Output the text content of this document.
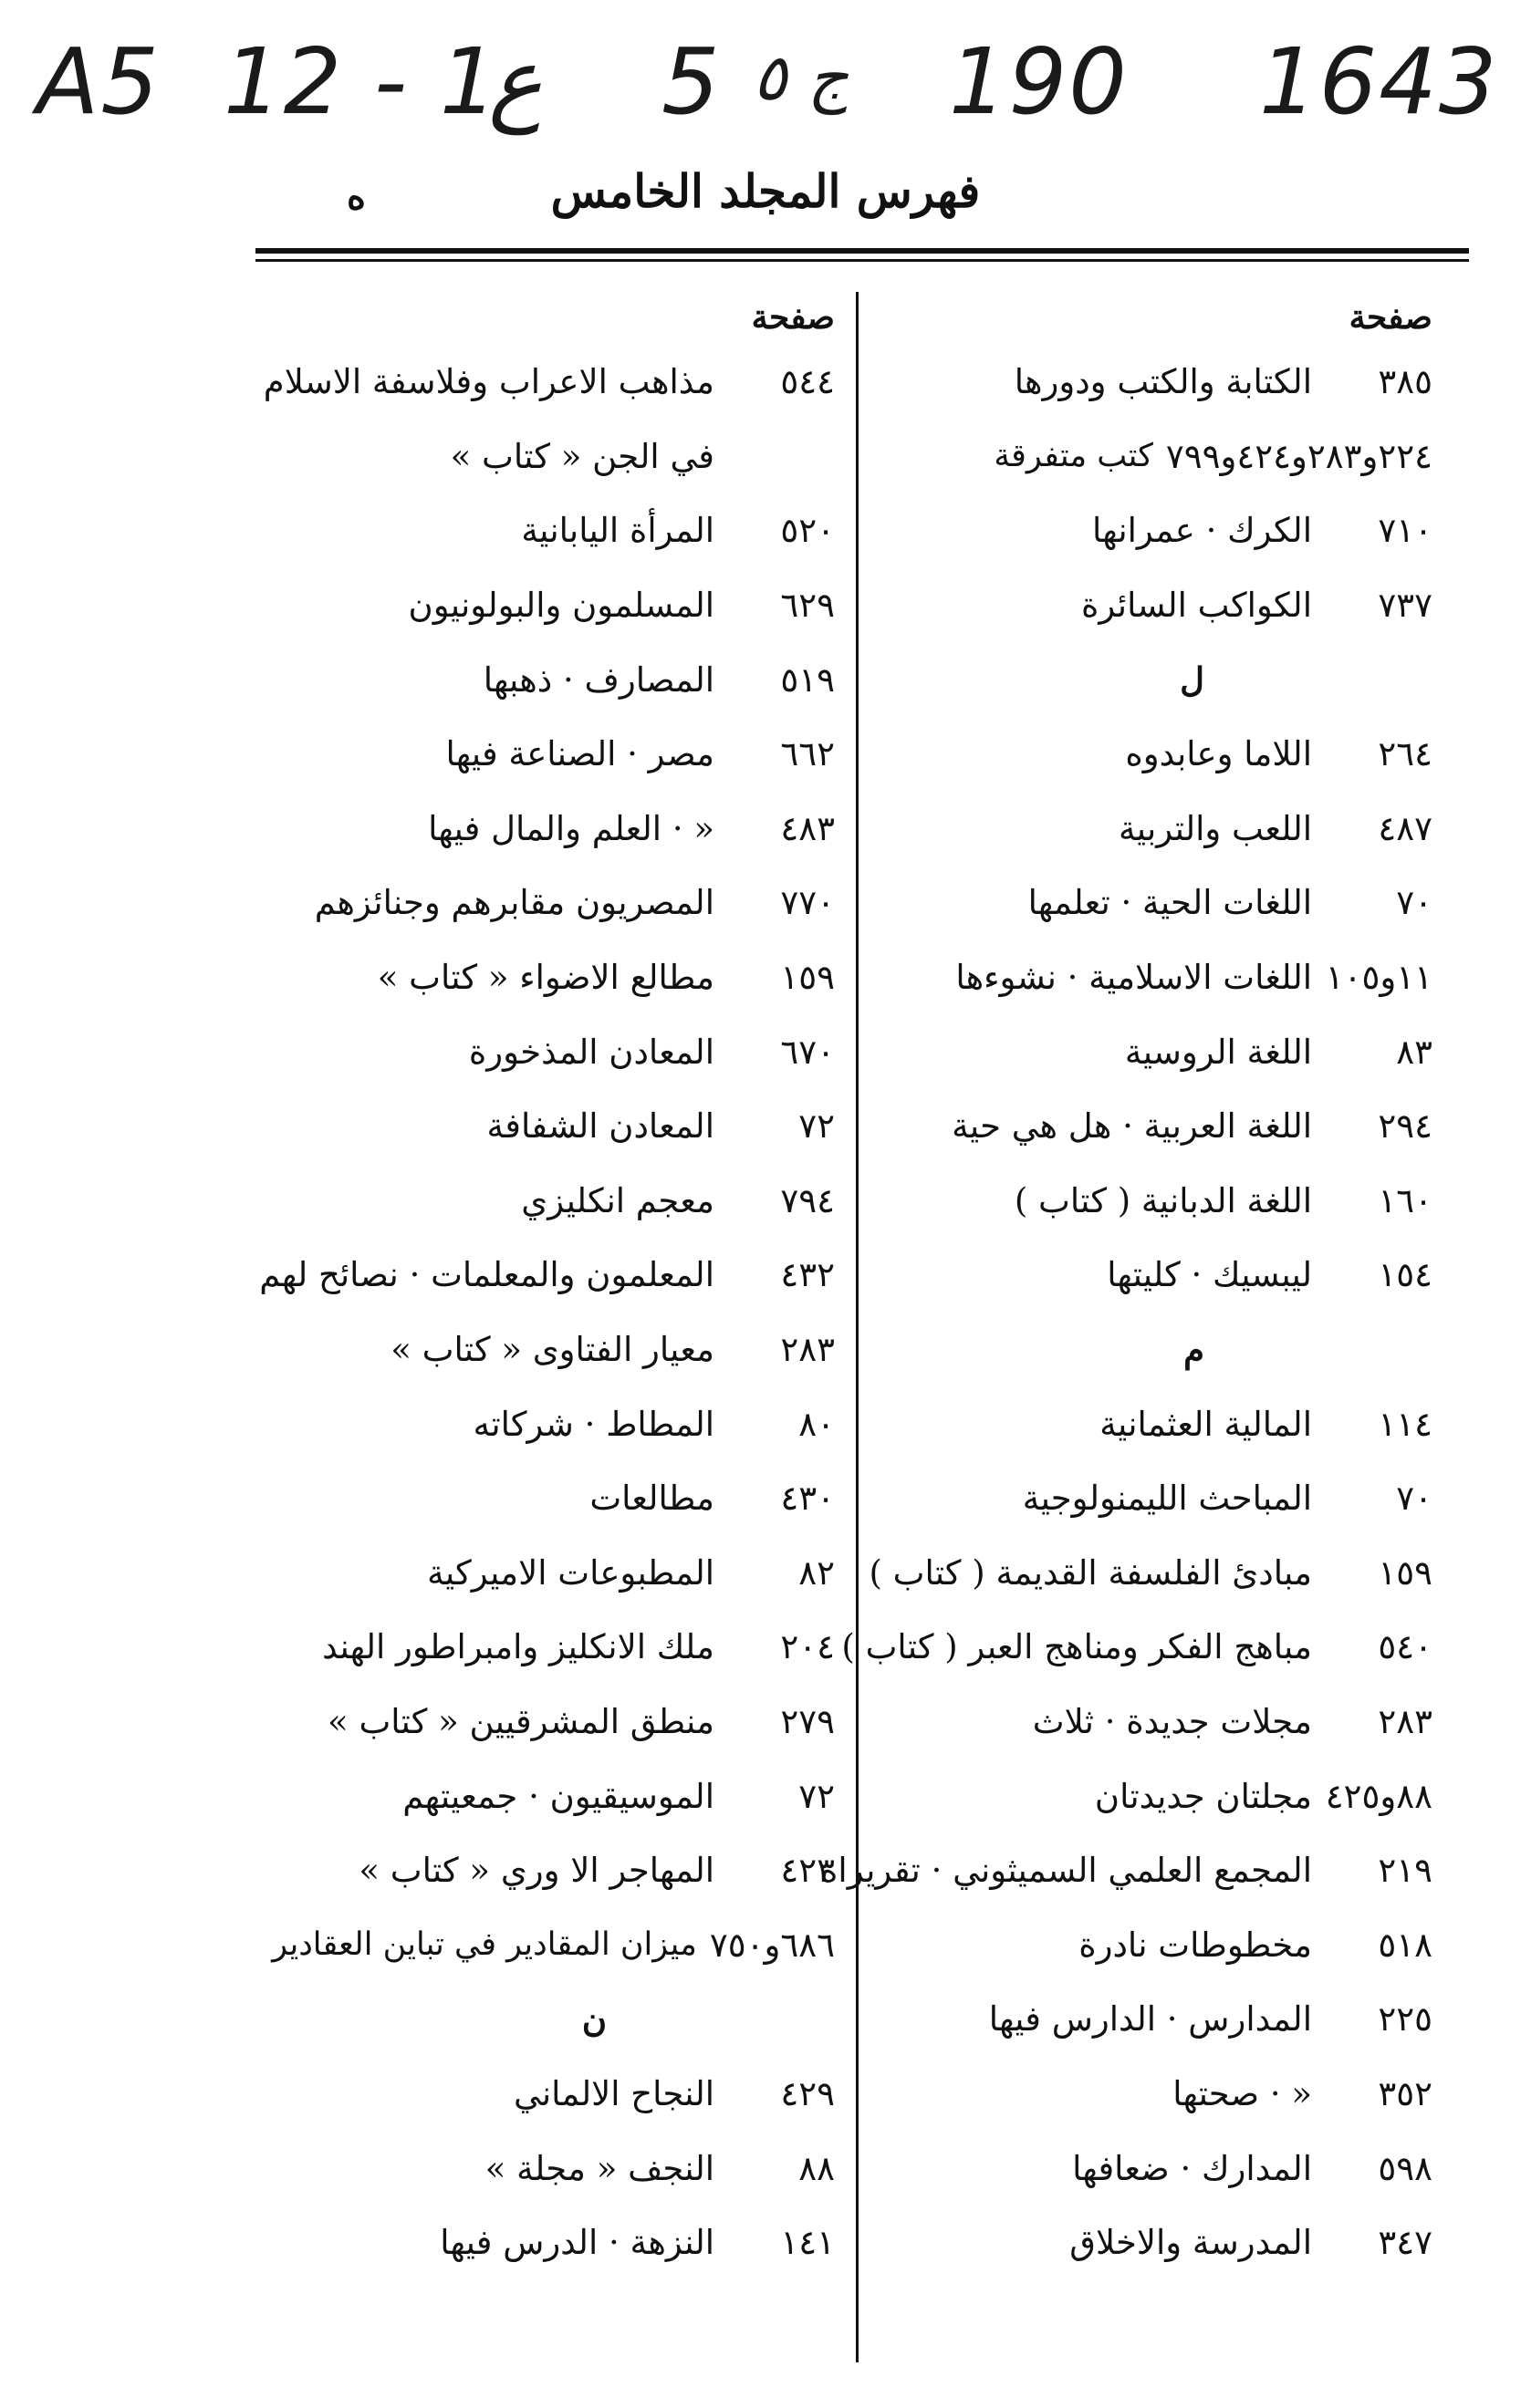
A5 12 - 1
ع 5 ج ٥ 190 1643
ه	فهرس المجلد الخامس
صفحة
٣٨٥
الكتابة والكتب ودورها
٢٢٤و٢٨٣و٤٢٤و٧٩٩
كتب متفرقة
٧١٠
الكرك · عمرانها
٧٣٧
الكواكب السائرة
ل
٢٦٤
اللاما وعابدوه
٤٨٧
اللعب والتربية
٧٠
اللغات الحية · تعلمها
١١و١٠٥
اللغات الاسلامية · نشوءها
٨٣
اللغة الروسية
٢٩٤
اللغة العربية · هل هي حية
١٦٠
اللغة الدبانية ( كتاب )
١٥٤
ليبسيك · كليتها
م
١١٤
المالية العثمانية
٧٠
المباحث الليمنولوجية
١٥٩
مبادئ الفلسفة القديمة ( كتاب )
٥٤٠
مباهج الفكر ومناهج العبر ( كتاب )
٢٨٣
مجلات جديدة · ثلاث
٨٨و٤٢٥
مجلتان جديدتان
٢١٩
المجمع العلمي السميثوني · تقريراه
٥١٨
مخطوطات نادرة
٢٢٥
المدارس · الدارس فيها
٣٥٢
« · صحتها
٥٩٨
المدارك · ضعافها
٣٤٧
المدرسة والاخلاق
صفحة
٥٤٤
مذاهب الاعراب وفلاسفة الاسلام
في الجن « كتاب »
٥٢٠
المرأة اليابانية
٦٢٩
المسلمون والبولونيون
٥١٩
المصارف · ذهبها
٦٦٢
مصر · الصناعة فيها
٤٨٣
« · العلم والمال فيها
٧٧٠
المصريون مقابرهم وجنائزهم
١٥٩
مطالع الاضواء « كتاب »
٦٧٠
المعادن المذخورة
٧٢
المعادن الشفافة
٧٩٤
معجم انكليزي
٤٣٢
المعلمون والمعلمات · نصائح لهم
٢٨٣
معيار الفتاوى « كتاب »
٨٠
المطاط · شركاته
٤٣٠
مطالعات
٨٢
المطبوعات الاميركية
٢٠٤
ملك الانكليز وامبراطور الهند
٢٧٩
منطق المشرقيين « كتاب »
٧٢
الموسيقيون · جمعيتهم
٤٢٣
المهاجر الا وري « كتاب »
٦٨٦و٧٥٠
ميزان المقادير في تباين العقادير
ن
٤٢٩
النجاح الالماني
٨٨
النجف « مجلة »
١٤١
النزهة · الدرس فيها
